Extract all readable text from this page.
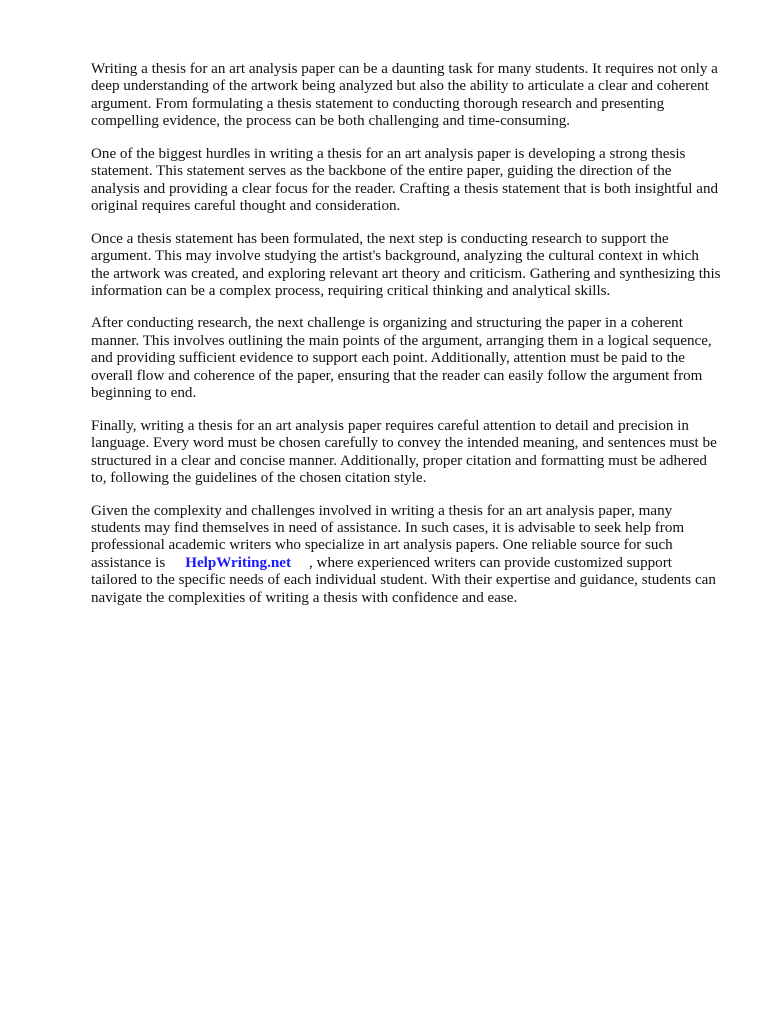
Writing a thesis for an art analysis paper can be a daunting task for many students. It requires not only a deep understanding of the artwork being analyzed but also the ability to articulate a clear and coherent argument. From formulating a thesis statement to conducting thorough research and presenting compelling evidence, the process can be both challenging and time-consuming.

One of the biggest hurdles in writing a thesis for an art analysis paper is developing a strong thesis statement. This statement serves as the backbone of the entire paper, guiding the direction of the analysis and providing a clear focus for the reader. Crafting a thesis statement that is both insightful and original requires careful thought and consideration.

Once a thesis statement has been formulated, the next step is conducting research to support the argument. This may involve studying the artist's background, analyzing the cultural context in which the artwork was created, and exploring relevant art theory and criticism. Gathering and synthesizing this information can be a complex process, requiring critical thinking and analytical skills.

After conducting research, the next challenge is organizing and structuring the paper in a coherent manner. This involves outlining the main points of the argument, arranging them in a logical sequence, and providing sufficient evidence to support each point. Additionally, attention must be paid to the overall flow and coherence of the paper, ensuring that the reader can easily follow the argument from beginning to end.

Finally, writing a thesis for an art analysis paper requires careful attention to detail and precision in language. Every word must be chosen carefully to convey the intended meaning, and sentences must be structured in a clear and concise manner. Additionally, proper citation and formatting must be adhered to, following the guidelines of the chosen citation style.

Given the complexity and challenges involved in writing a thesis for an art analysis paper, many students may find themselves in need of assistance. In such cases, it is advisable to seek help from professional academic writers who specialize in art analysis papers. One reliable source for such assistance is HelpWriting.net , where experienced writers can provide customized support tailored to the specific needs of each individual student. With their expertise and guidance, students can navigate the complexities of writing a thesis with confidence and ease.
